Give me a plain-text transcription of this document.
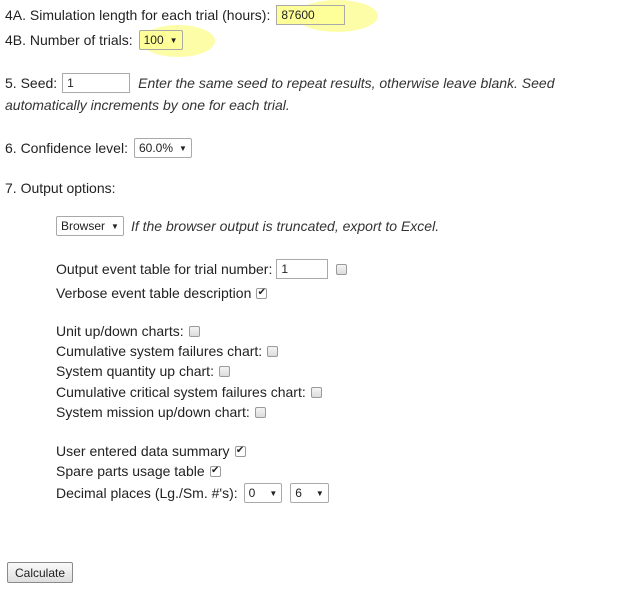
4A. Simulation length for each trial (hours): 87600
4B. Number of trials: 100 ▼
5. Seed: 1	Enter the same seed to repeat results, otherwise leave blank. Seed
automatically increments by one for each trial.
6. Confidence level: 60.0% ▼
7. Output options:
Browser ▼ If the browser output is truncated, export to Excel.
Output event table for trial number: 1
Verbose event table description ✔
Unit up/down charts:
Cumulative system failures chart:
System quantity up chart:
Cumulative critical system failures chart:
System mission up/down chart:
User entered data summary ✔
Spare parts usage table ✔
Decimal places (Lg./Sm. #'s): 0 ▼ 6 ▼
Calculate
